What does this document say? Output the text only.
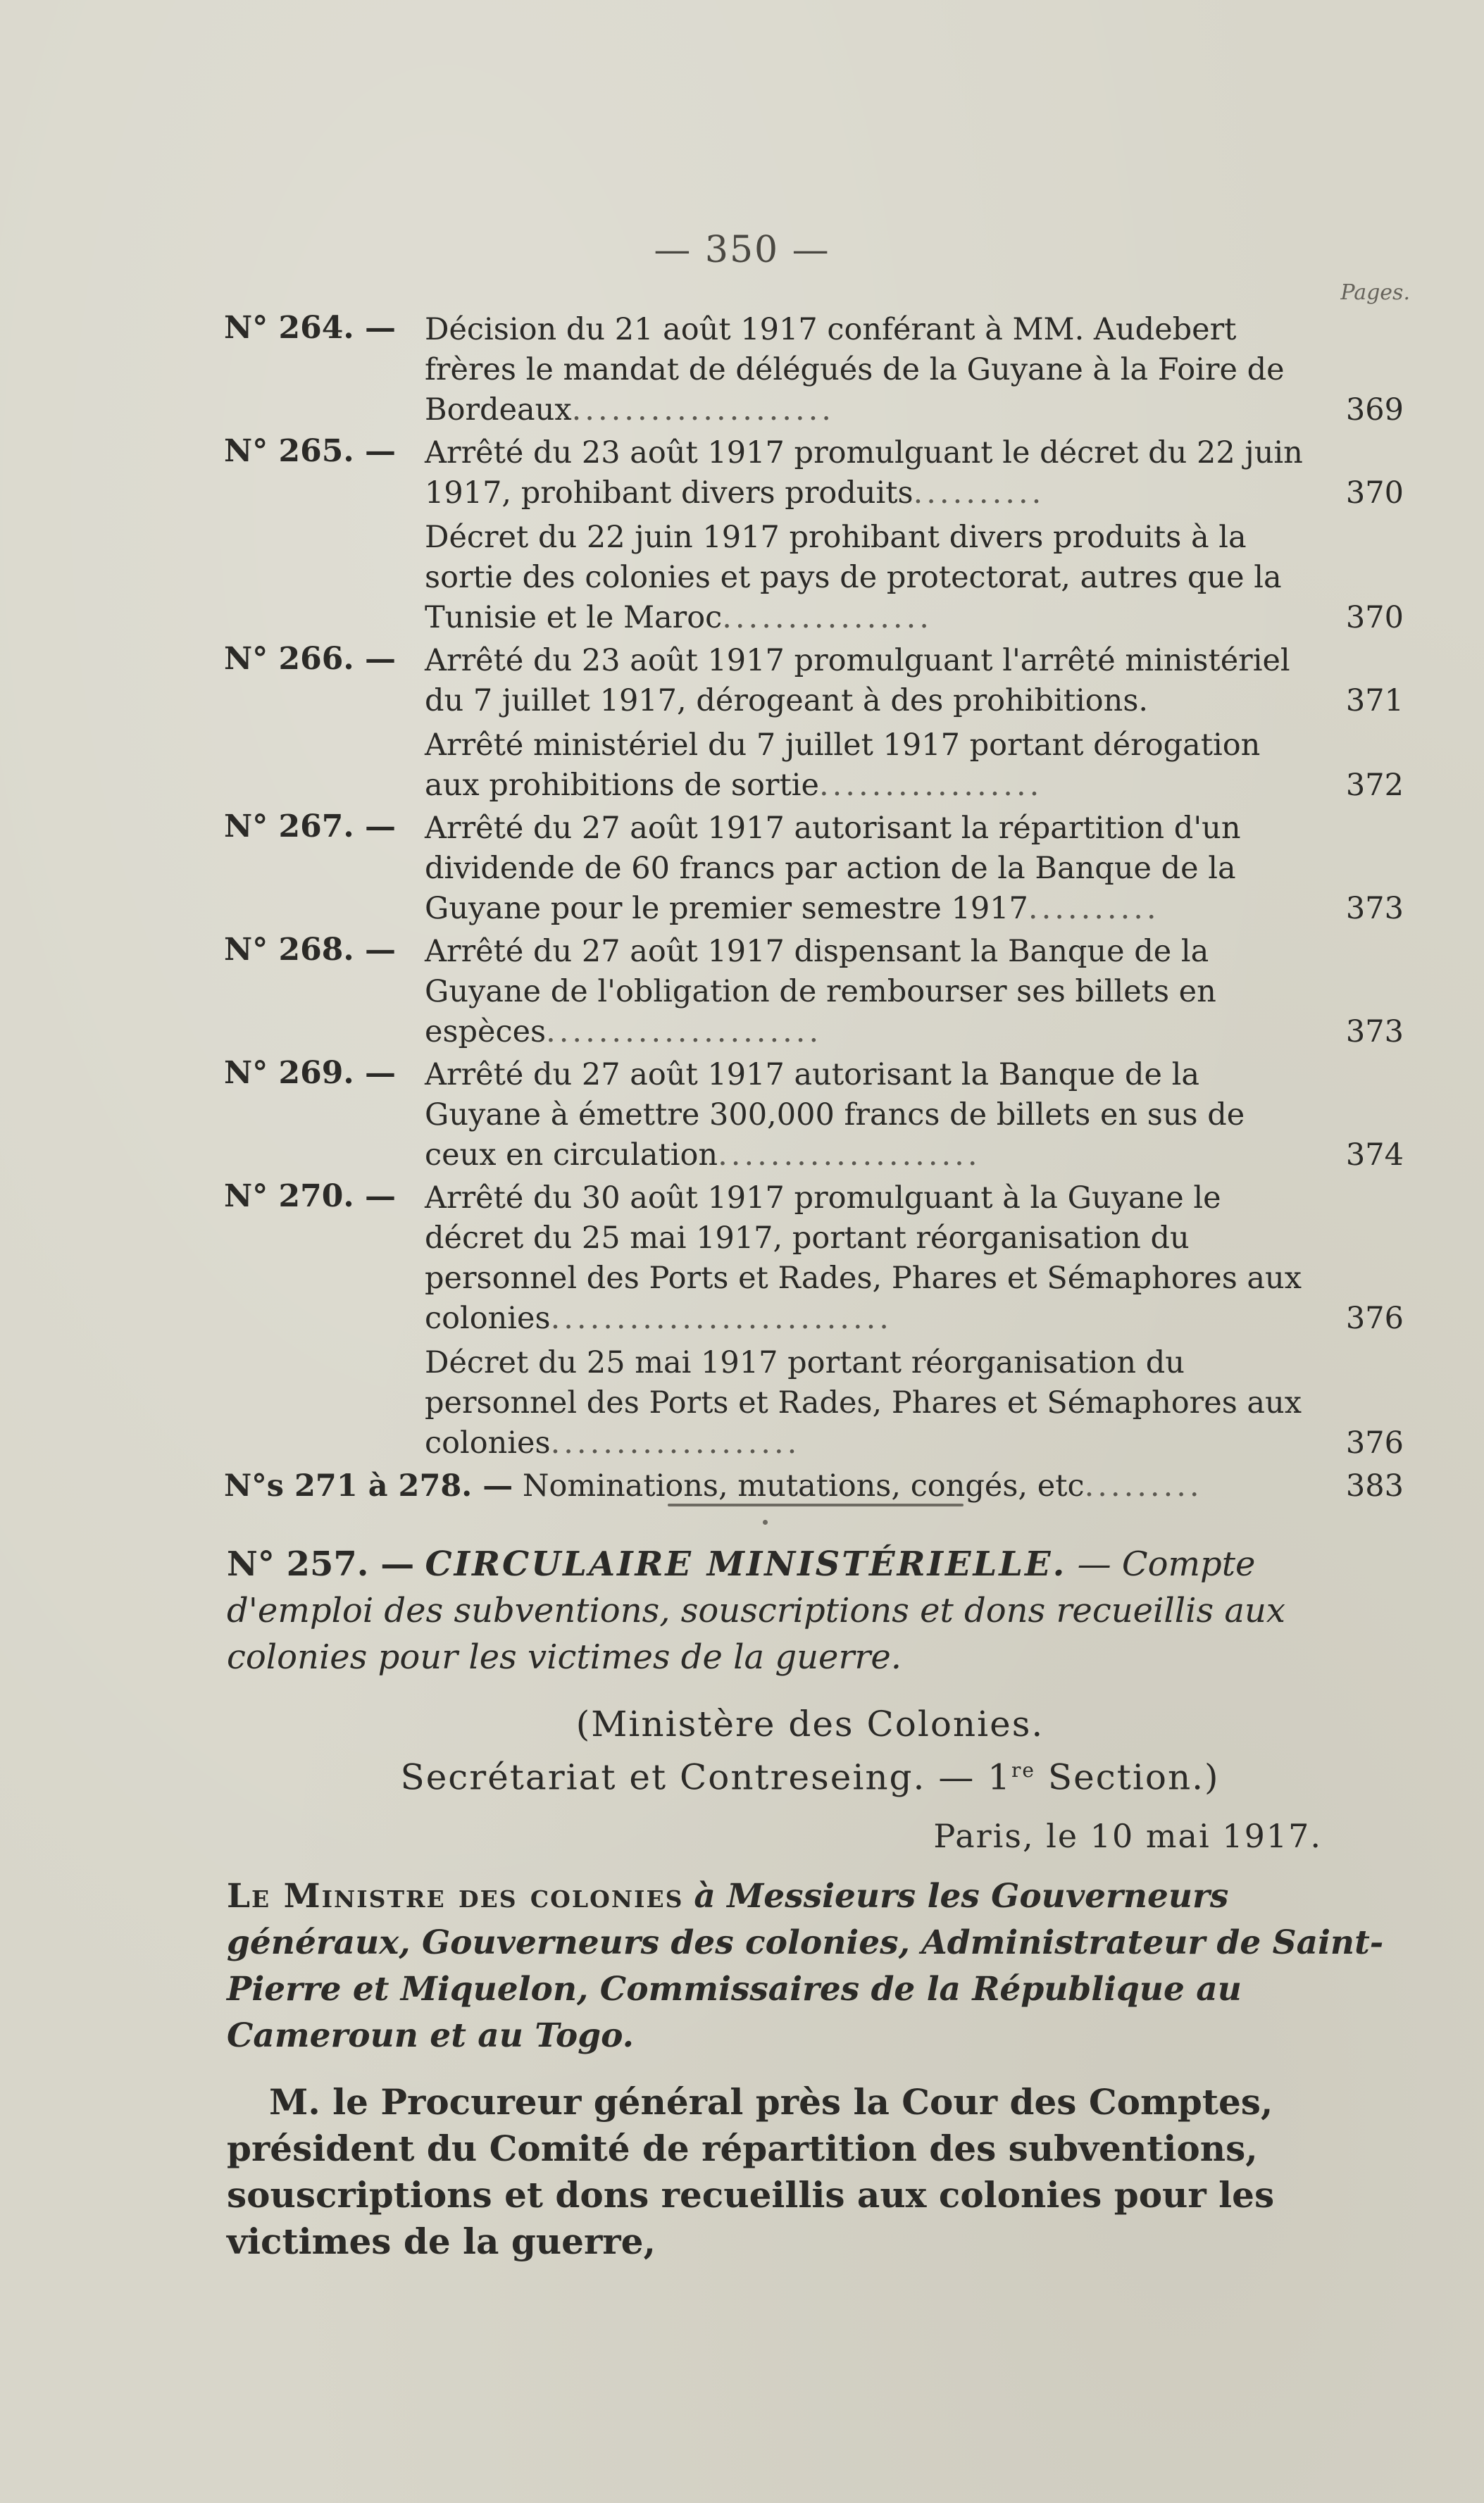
— 350 —
Pages.
N° 264. — Décision du 21 août 1917 conférant à MM. Audebert frères le mandat de délégués de la Guyane à la Foire de Bordeaux....................	369
N° 265. — Arrêté du 23 août 1917 promulguant le décret du 22 juin 1917, prohibant divers produits..........	370
Décret du 22 juin 1917 prohibant divers produits à la sortie des colonies et pays de protectorat, autres que la Tunisie et le Maroc................	370
N° 266. — Arrêté du 23 août 1917 promulguant l'arrêté ministériel du 7 juillet 1917, dérogeant à des prohibitions.	371
Arrêté ministériel du 7 juillet 1917 portant dérogation aux prohibitions de sortie.................	372
N° 267. — Arrêté du 27 août 1917 autorisant la répartition d'un dividende de 60 francs par action de la Banque de la Guyane pour le premier semestre 1917..........	373
N° 268. — Arrêté du 27 août 1917 dispensant la Banque de la Guyane de l'obligation de rembourser ses billets en espèces.....................	373
N° 269. — Arrêté du 27 août 1917 autorisant la Banque de la Guyane à émettre 300,000 francs de billets en sus de ceux en circulation....................	374
N° 270. — Arrêté du 30 août 1917 promulguant à la Guyane le décret du 25 mai 1917, portant réorganisation du personnel des Ports et Rades, Phares et Sémaphores aux colonies..........................	376
Décret du 25 mai 1917 portant réorganisation du personnel des Ports et Rades, Phares et Sémaphores aux colonies...................	376
N°s 271 à 278. — Nominations, mutations, congés, etc.........	383
N° 257. — CIRCULAIRE MINISTÉRIELLE. — Compte d'emploi des subventions, souscriptions et dons recueillis aux colonies pour les victimes de la guerre.
(Ministère des Colonies.
Secrétariat et Contreseing. — 1re Section.)
Paris, le 10 mai 1917.
Le Ministre des colonies à Messieurs les Gouverneurs généraux, Gouverneurs des colonies, Administrateur de Saint-Pierre et Miquelon, Commissaires de la République au Cameroun et au Togo.
M. le Procureur général près la Cour des Comptes, président du Comité de répartition des subventions, souscriptions et dons recueillis aux colonies pour les victimes de la guerre,
